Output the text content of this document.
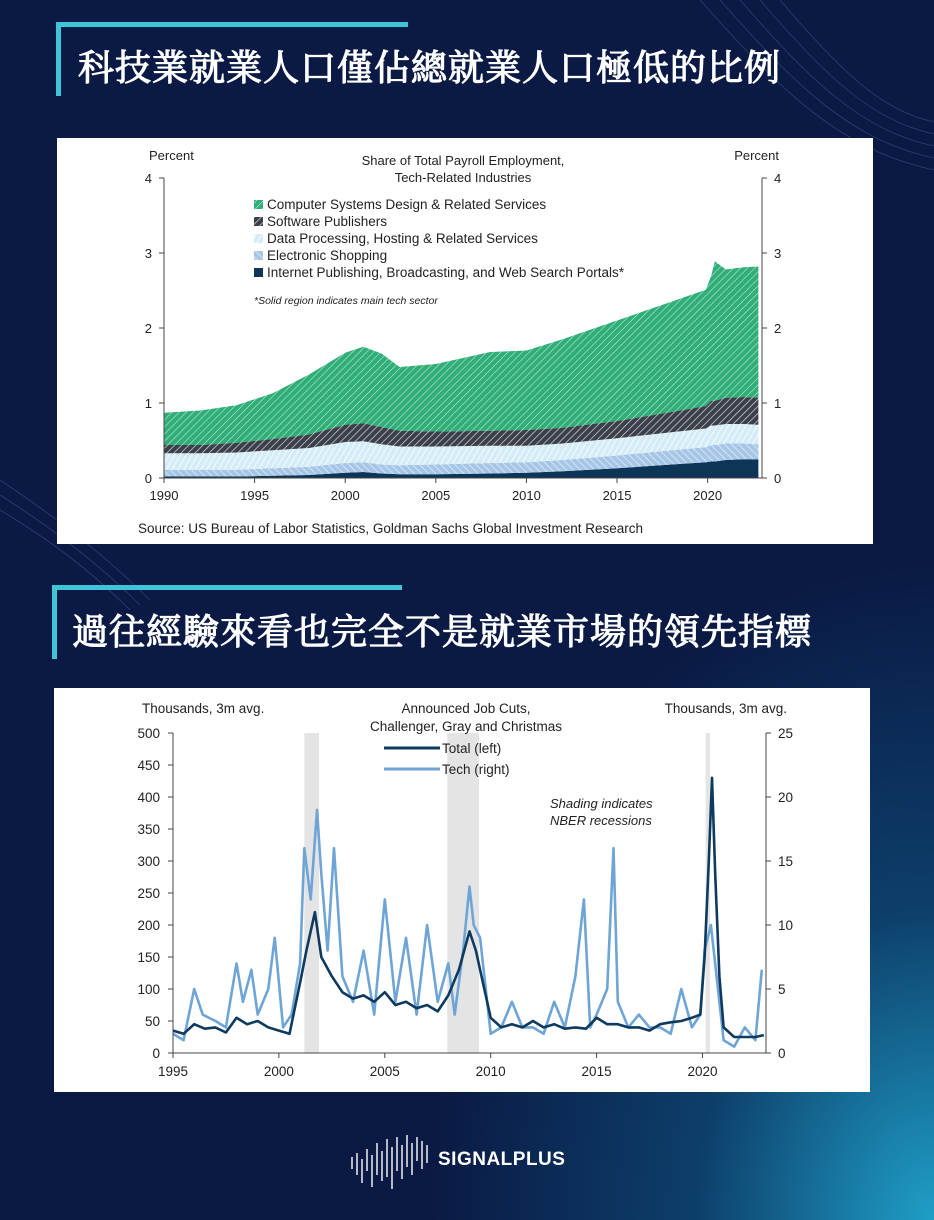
科技業就業人口僅佔總就業人口極低的比例
0	0
1	1
2	2
3	3
4	4
1990	1995	2000	2005	2010	2015	2020
Percent	Percent
Share of Total Payroll Employment,
Tech-Related Industries
Computer Systems Design & Related Services
Software Publishers
Data Processing, Hosting & Related Services
Electronic Shopping
Internet Publishing, Broadcasting, and Web Search Portals*
*Solid region indicates main tech sector
Source: US Bureau of Labor Statistics, Goldman Sachs Global Investment Research
過往經驗來看也完全不是就業市場的領先指標
0
50
100
150
200
250
300
350
400
450
500
0
5
10
15
20
25
1995	2000	2005	2010	2015	2020
Thousands, 3m avg.	Thousands, 3m avg.
Announced Job Cuts,
Challenger, Gray and Christmas
Total (left)
Tech (right)
Shading indicates
NBER recessions
SIGNALPLUS
